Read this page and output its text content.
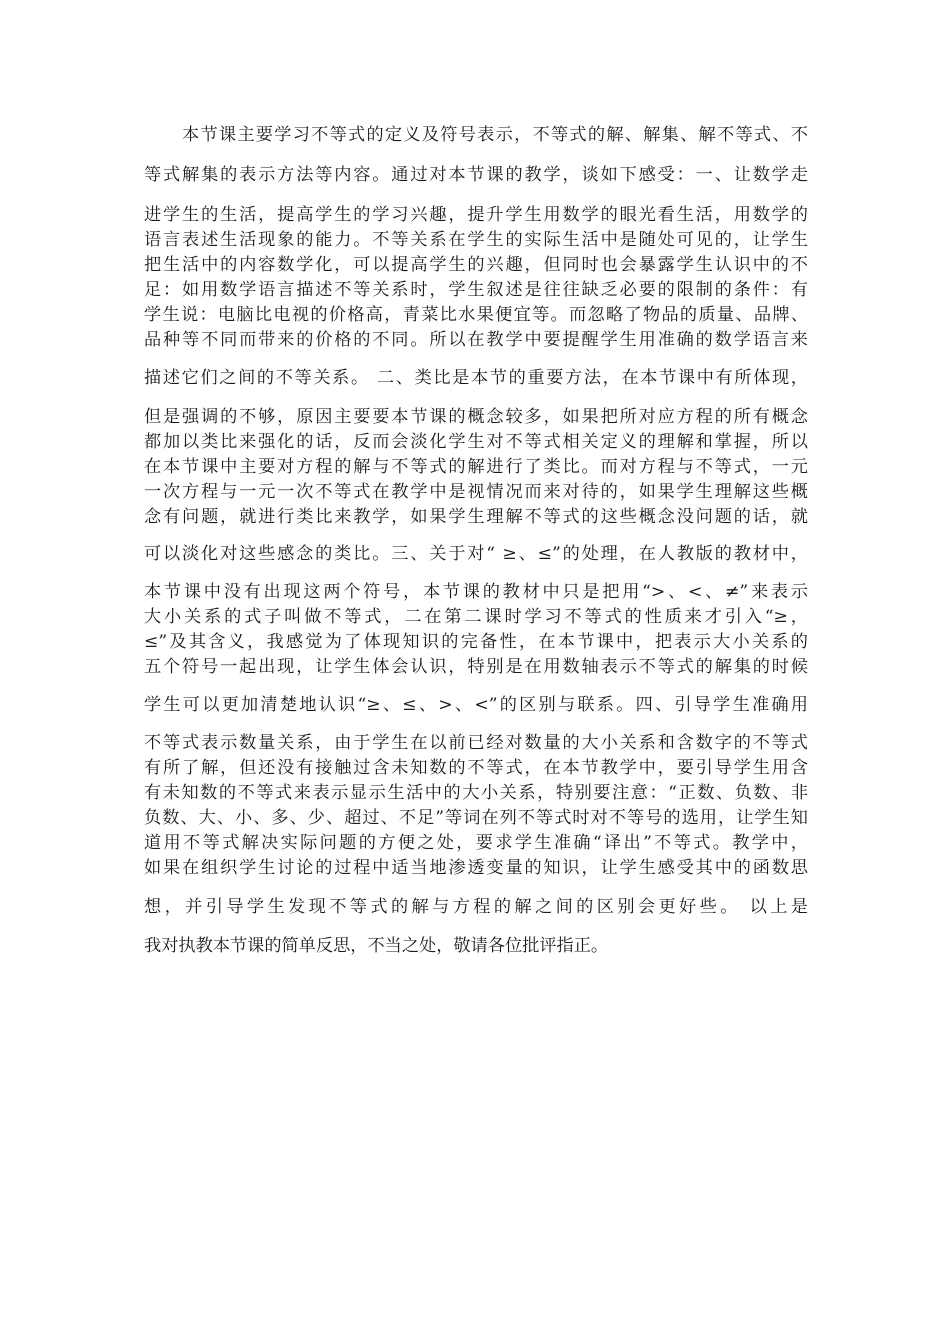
本节课主要学习不等式的定义及符号表示，不等式的解、解集、解不等式、不
等式解集的表示方法等内容。通过对本节课的教学，谈如下感受：一、让数学走
进学生的生活，提高学生的学习兴趣，提升学生用数学的眼光看生活，用数学的
语言表述生活现象的能力。不等关系在学生的实际生活中是随处可见的，让学生
把生活中的内容数学化，可以提高学生的兴趣，但同时也会暴露学生认识中的不
足：如用数学语言描述不等关系时，学生叙述是往往缺乏必要的限制的条件：有
学生说：电脑比电视的价格高，青菜比水果便宜等。而忽略了物品的质量、品牌、
品种等不同而带来的价格的不同。所以在教学中要提醒学生用准确的数学语言来
描述它们之间的不等关系。 二、类比是本节的重要方法，在本节课中有所体现，
但是强调的不够，原因主要要本节课的概念较多，如果把所对应方程的所有概念
都加以类比来强化的话，反而会淡化学生对不等式相关定义的理解和掌握，所以
在本节课中主要对方程的解与不等式的解进行了类比。而对方程与不等式，一元
一次方程与一元一次不等式在教学中是视情况而来对待的，如果学生理解这些概
念有问题，就进行类比来教学，如果学生理解不等式的这些概念没问题的话，就
可以淡化对这些感念的类比。三、关于对“ ≥、≤”的处理，在人教版的教材中，
本节课中没有出现这两个符号，本节课的教材中只是把用“>、<、≠”来表示
大小关系的式子叫做不等式，二在第二课时学习不等式的性质来才引入“≥，
≤”及其含义，我感觉为了体现知识的完备性，在本节课中，把表示大小关系的
五个符号一起出现，让学生体会认识，特别是在用数轴表示不等式的解集的时候
学生可以更加清楚地认识“≥、≤、>、<”的区别与联系。四、引导学生准确用
不等式表示数量关系，由于学生在以前已经对数量的大小关系和含数字的不等式
有所了解，但还没有接触过含未知数的不等式，在本节教学中，要引导学生用含
有未知数的不等式来表示显示生活中的大小关系，特别要注意：“正数、负数、非
负数、大、小、多、少、超过、不足”等词在列不等式时对不等号的选用，让学生知
道用不等式解决实际问题的方便之处，要求学生准确“译出”不等式。教学中，
如果在组织学生讨论的过程中适当地渗透变量的知识，让学生感受其中的函数思
想，并引导学生发现不等式的解与方程的解之间的区别会更好些。 以上是
我对执教本节课的简单反思，不当之处，敬请各位批评指正。
